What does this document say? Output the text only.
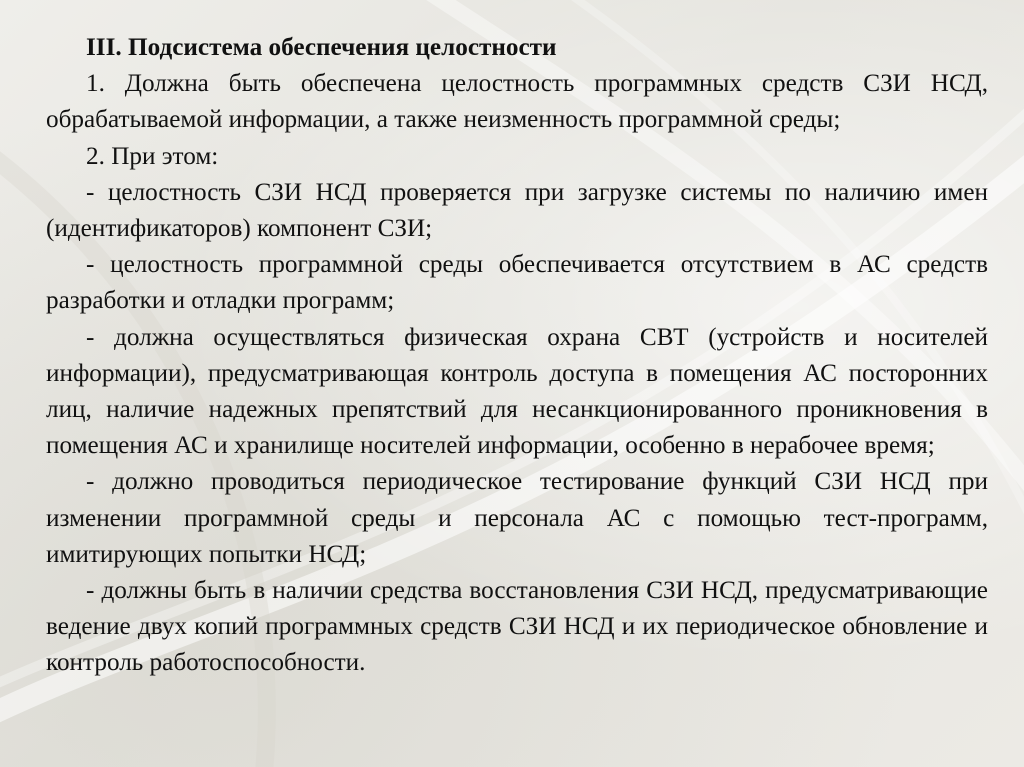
III. Подсистема обеспечения целостности

1. Должна быть обеспечена целостность программных средств СЗИ НСД, обрабатываемой информации, а также неизменность программной среды;

2. При этом:

- целостность СЗИ НСД проверяется при загрузке системы по наличию имен (идентификаторов) компонент СЗИ;

- целостность программной среды обеспечивается отсутствием в АС средств разработки и отладки программ;

- должна осуществляться физическая охрана СВТ (устройств и носителей информации), предусматривающая контроль доступа в помещения АС посторонних лиц, наличие надежных препятствий для несанкционированного проникновения в помещения АС и хранилище носителей информации, особенно в нерабочее время;

- должно проводиться периодическое тестирование функций СЗИ НСД при изменении программной среды и персонала АС с помощью тест-программ, имитирующих попытки НСД;

- должны быть в наличии средства восстановления СЗИ НСД, предусматривающие ведение двух копий программных средств СЗИ НСД и их периодическое обновление и контроль работоспособности.
